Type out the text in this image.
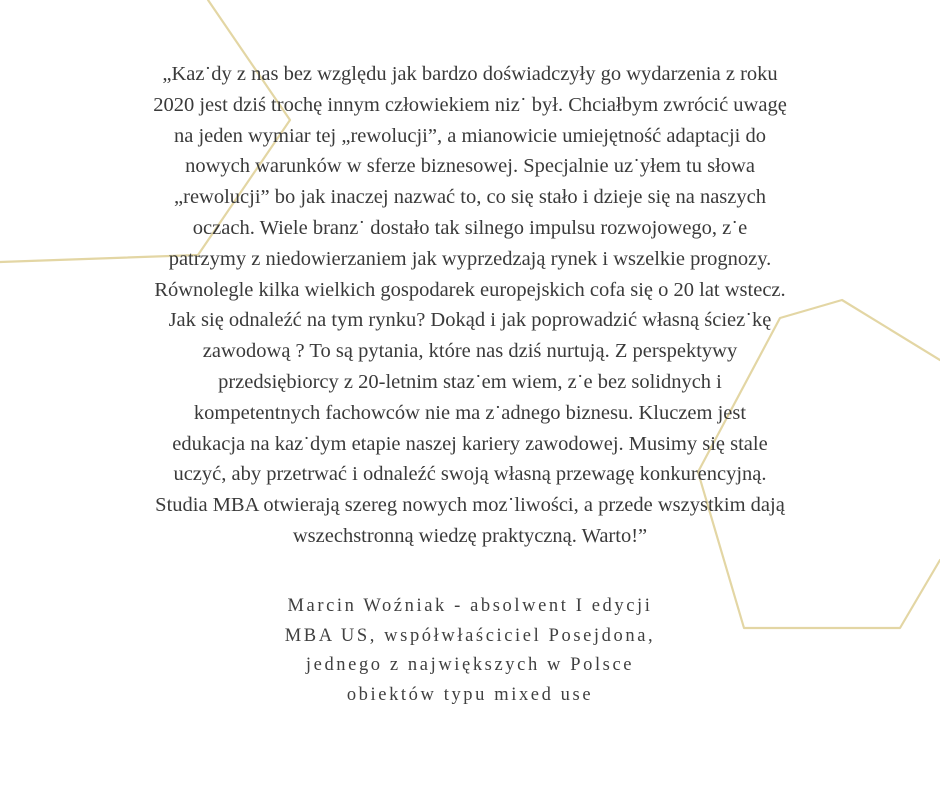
„Kaz˙dy z nas bez względu jak bardzo doświadczyły go wydarzenia z roku
2020 jest dziś trochę innym człowiekiem niz˙ był. Chciałbym zwrócić uwagę
na jeden wymiar tej „rewolucji”, a mianowicie umiejętność adaptacji do
nowych warunków w sferze biznesowej. Specjalnie uz˙yłem tu słowa
„rewolucji” bo jak inaczej nazwać to, co się stało i dzieje się na naszych
oczach. Wiele branz˙ dostało tak silnego impulsu rozwojowego, z˙e
patrzymy z niedowierzaniem jak wyprzedzają rynek i wszelkie prognozy.
Równolegle kilka wielkich gospodarek europejskich cofa się o 20 lat wstecz.
Jak się odnaleźć na tym rynku? Dokąd i jak poprowadzić własną ściez˙kę
zawodową ? To są pytania, które nas dziś nurtują. Z perspektywy
przedsiębiorcy z 20-letnim staz˙em wiem, z˙e bez solidnych i
kompetentnych fachowców nie ma z˙adnego biznesu. Kluczem jest
edukacja na kaz˙dym etapie naszej kariery zawodowej. Musimy się stale
uczyć, aby przetrwać i odnaleźć swoją własną przewagę konkurencyjną.
Studia MBA otwierają szereg nowych moz˙liwości, a przede wszystkim dają
wszechstronną wiedzę praktyczną. Warto!”

Marcin Woźniak - absolwent I edycji
MBA US, współwłaściciel Posejdona,
jednego z największych w Polsce
obiektów typu mixed use
